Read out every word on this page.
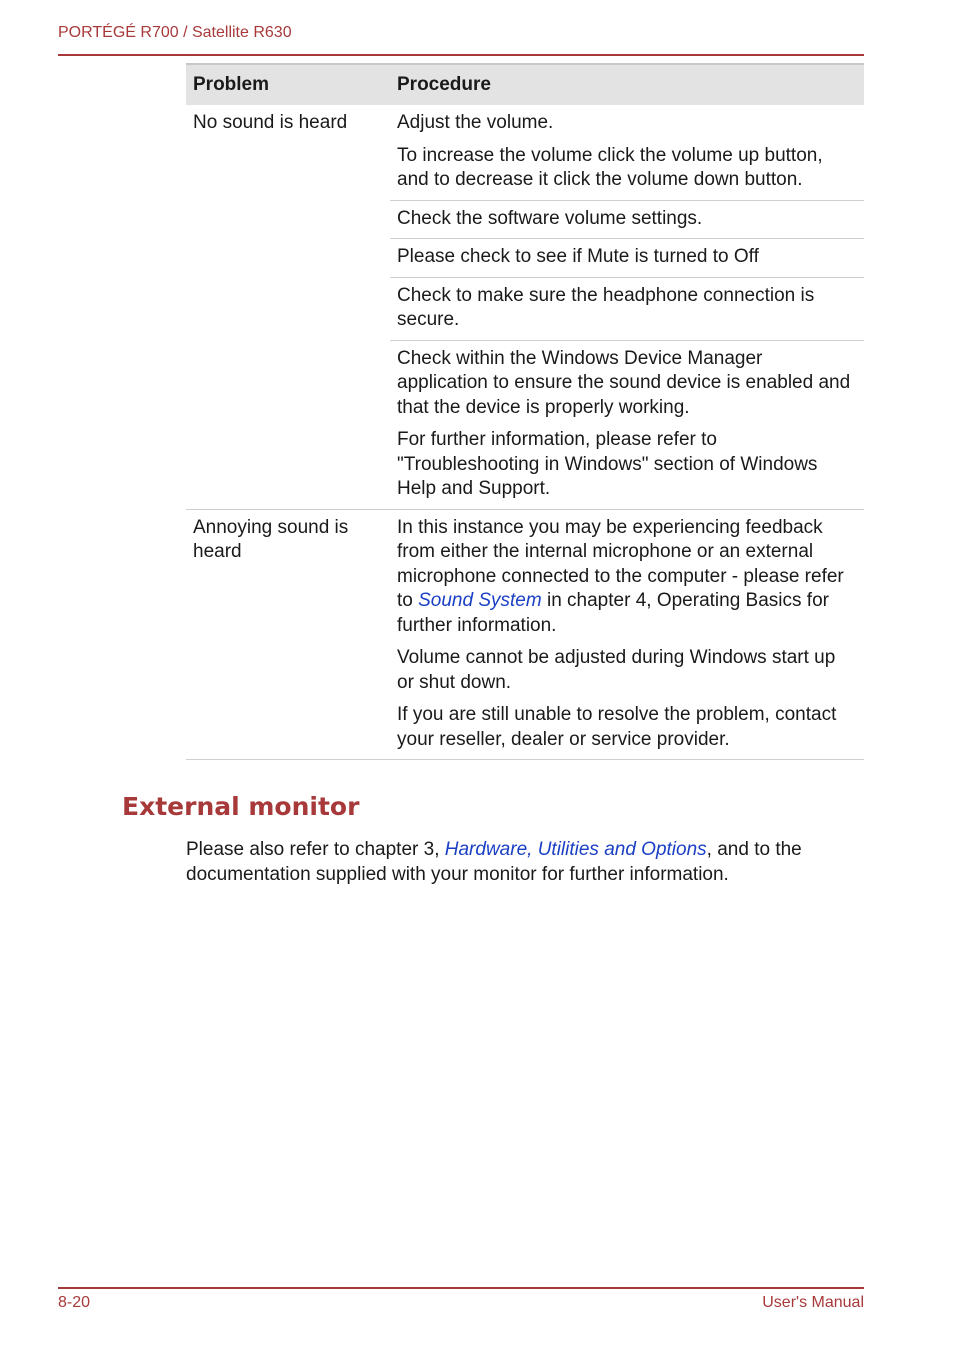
PORTÉGÉ R700 / Satellite R630
Problem	Procedure
No sound is heard	Adjust the volume.

To increase the volume click the volume up button, and to decrease it click the volume down button.

	Check the software volume settings.

	Please check to see if Mute is turned to Off

	Check to make sure the headphone connection is secure.

	Check within the Windows Device Manager application to ensure the sound device is enabled and that the device is properly working.

For further information, please refer to "Troubleshooting in Windows" section of Windows Help and Support.

Annoying sound is heard	In this instance you may be experiencing feedback from either the internal microphone or an external microphone connected to the computer - please refer to Sound System in chapter 4, Operating Basics for further information.

Volume cannot be adjusted during Windows start up or shut down.

If you are still unable to resolve the problem, contact your reseller, dealer or service provider.

External monitor

Please also refer to chapter 3, Hardware, Utilities and Options, and to the documentation supplied with your monitor for further information.

8-20	User's Manual
